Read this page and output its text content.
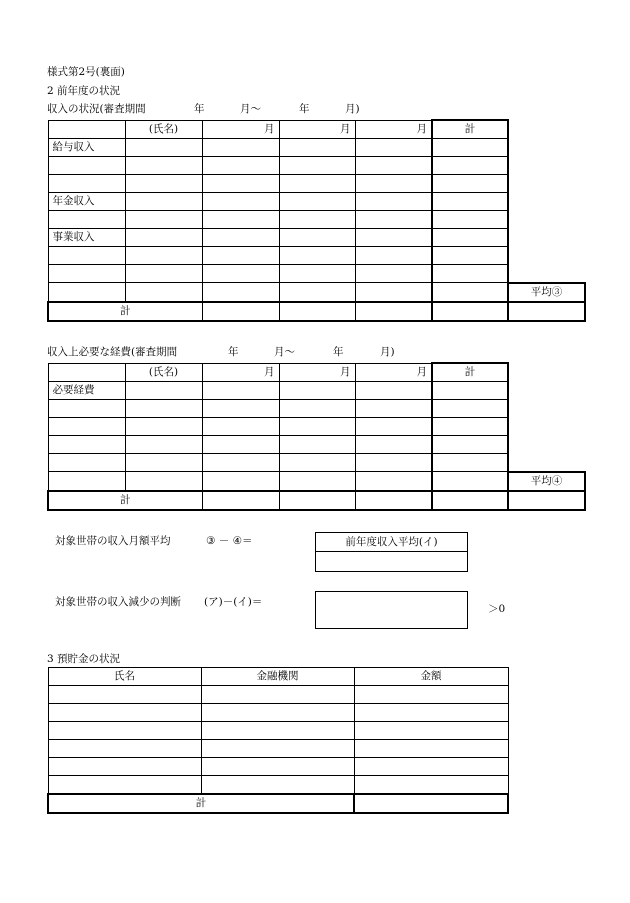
様式第2号(裏面)
2 前年度の状況
収入の状況(審査期間	年	月～	年	月)
	(氏名)	月	月	月	計	
給与収入						

年金収入						

事業収入						

						平均③
計						
収入上必要な経費(審査期間	年	月～	年	月)
	(氏名)	月	月	月	計	
必要経費						

						平均④
計						
対象世帯の収入月額平均	③ － ④＝	前年度収入平均(イ)
対象世帯の収入減少の判断 (ア)－(イ)＝
＞0
3 預貯金の状況
氏名	金融機関	金額

計		
